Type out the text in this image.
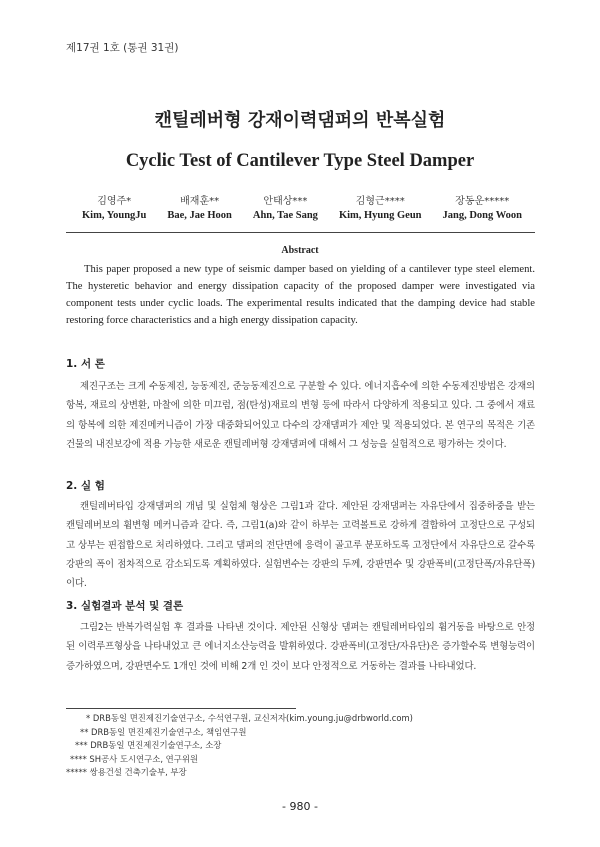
제17권 1호 (통권 31권)
캔틸레버형 강재이력댐퍼의 반복실험
Cyclic Test of Cantilever Type Steel Damper
김영주*
Kim, YoungJu
배재훈**
Bae, Jae Hoon
안태상***
Ahn, Tae Sang
김형근****
Kim, Hyung Geun
장동운*****
Jang, Dong Woon
Abstract
This paper proposed a new type of seismic damper based on yielding of a cantilever type steel element. The hysteretic behavior and energy dissipation capacity of the proposed damper were investigated via component tests under cyclic loads. The experimental results indicated that the damping device had stable restoring force characteristics and a high energy dissipation capacity.
1. 서 론
제진구조는 크게 수동제진, 능동제진, 준능동제진으로 구분할 수 있다. 에너지흡수에 의한 수동제진방법은 강재의 항복, 재료의 상변환, 마찰에 의한 미끄럼, 점(탄성)재료의 변형 등에 따라서 다양하게 적용되고 있다. 그 중에서 재료의 항복에 의한 제진메커니즘이 가장 대중화되어있고 다수의 강재댐퍼가 제안 및 적용되었다. 본 연구의 목적은 기존 건물의 내진보강에 적용 가능한 새로운 캔틸레버형 강재댐퍼에 대해서 그 성능을 실험적으로 평가하는 것이다.
2. 실 험
캔틸레버타입 강재댐퍼의 개념 및 실험체 형상은 그림1과 같다. 제안된 강재댐퍼는 자유단에서 집중하중을 받는 캔틸레버보의 휨변형 메커니즘과 같다. 즉, 그림1(a)와 같이 하부는 고력볼트로 강하게 결합하여 고정단으로 구성되고 상부는 핀접합으로 처리하였다. 그리고 댐퍼의 전단면에 응력이 골고루 분포하도록 고정단에서 자유단으로 갈수록 강판의 폭이 점차적으로 감소되도록 계획하였다. 실험변수는 강판의 두께, 강판면수 및 강판폭비(고정단폭/자유단폭)이다.
3. 실험결과 분석 및 결론
그림2는 반복가력실험 후 결과를 나타낸 것이다. 제안된 신형상 댐퍼는 캔틸레버타입의 휨거동을 바탕으로 안정된 이력루프형상을 나타내었고 큰 에너지소산능력을 발휘하였다. 강판폭비(고정단/자유단)은 증가할수록 변형능력이 증가하였으며, 강판면수도 1개인 것에 비해 2개 인 것이 보다 안정적으로 거동하는 결과를 나타내었다.
* DRB동일 면진제진기술연구소, 수석연구원, 교신저자(kim.young.ju@drbworld.com)
** DRB동일 면진제진기술연구소, 책임연구원
*** DRB동일 면진제진기술연구소, 소장
**** SH공사 도시연구소, 연구위원
***** 쌍용건설 건축기술부, 부장
- 980 -
